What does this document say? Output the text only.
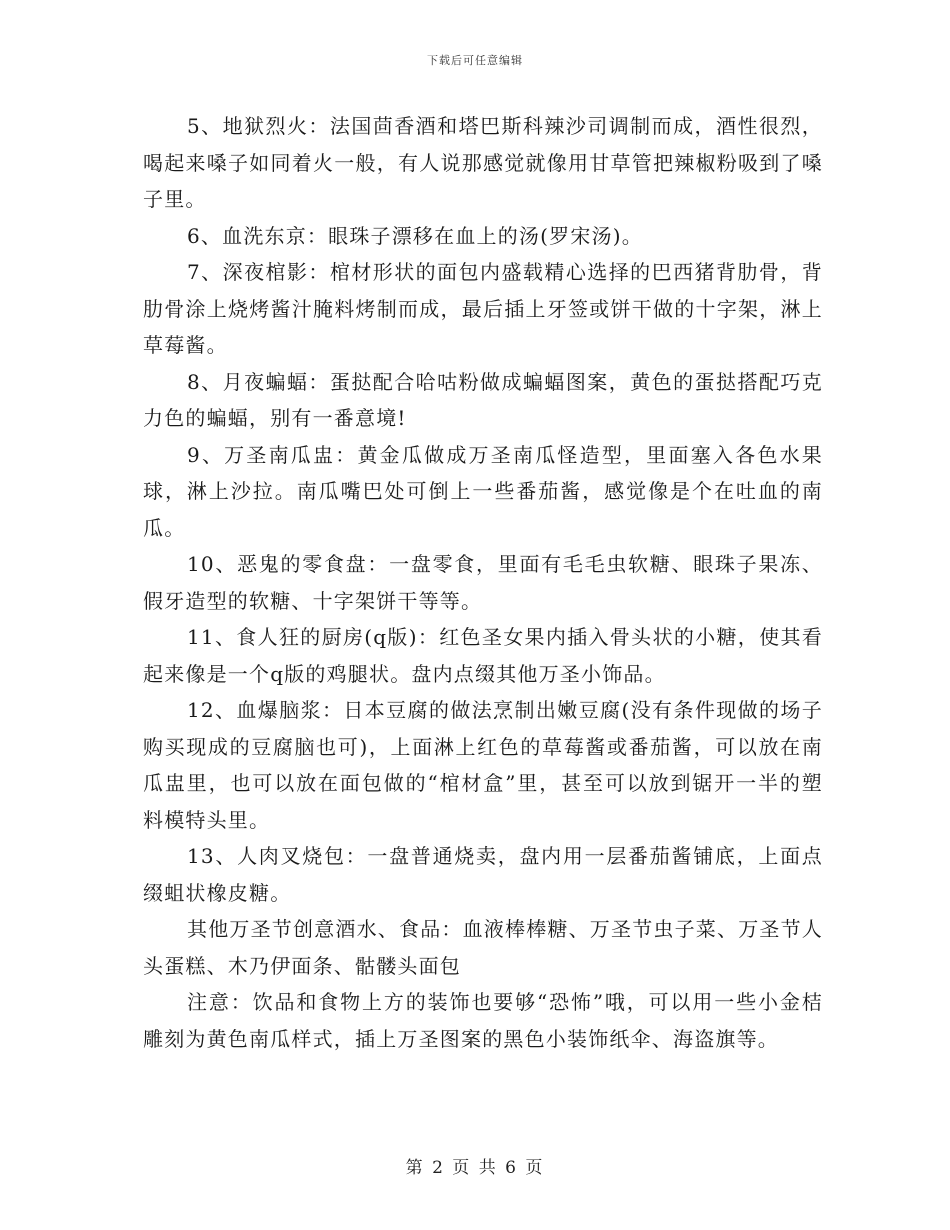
下载后可任意编辑

5、地狱烈火：法国茴香酒和塔巴斯科辣沙司调制而成，酒性很烈，喝起来嗓子如同着火一般，有人说那感觉就像用甘草管把辣椒粉吸到了嗓子里。

6、血洗东京：眼珠子漂移在血上的汤(罗宋汤)。

7、深夜棺影：棺材形状的面包内盛载精心选择的巴西猪背肋骨，背肋骨涂上烧烤酱汁腌料烤制而成，最后插上牙签或饼干做的十字架，淋上草莓酱。

8、月夜蝙蝠：蛋挞配合哈咕粉做成蝙蝠图案，黄色的蛋挞搭配巧克力色的蝙蝠，别有一番意境!

9、万圣南瓜盅：黄金瓜做成万圣南瓜怪造型，里面塞入各色水果球，淋上沙拉。南瓜嘴巴处可倒上一些番茄酱，感觉像是个在吐血的南瓜。

10、恶鬼的零食盘：一盘零食，里面有毛毛虫软糖、眼珠子果冻、假牙造型的软糖、十字架饼干等等。

11、食人狂的厨房(q版)：红色圣女果内插入骨头状的小糖，使其看起来像是一个q版的鸡腿状。盘内点缀其他万圣小饰品。

12、血爆脑浆：日本豆腐的做法烹制出嫩豆腐(没有条件现做的场子购买现成的豆腐脑也可)，上面淋上红色的草莓酱或番茄酱，可以放在南瓜盅里，也可以放在面包做的“棺材盒”里，甚至可以放到锯开一半的塑料模特头里。

13、人肉叉烧包：一盘普通烧卖，盘内用一层番茄酱铺底，上面点缀蛆状橡皮糖。

其他万圣节创意酒水、食品：血液棒棒糖、万圣节虫子菜、万圣节人头蛋糕、木乃伊面条、骷髅头面包

注意：饮品和食物上方的装饰也要够“恐怖”哦，可以用一些小金桔雕刻为黄色南瓜样式，插上万圣图案的黑色小装饰纸伞、海盗旗等。

第 2 页 共 6 页
